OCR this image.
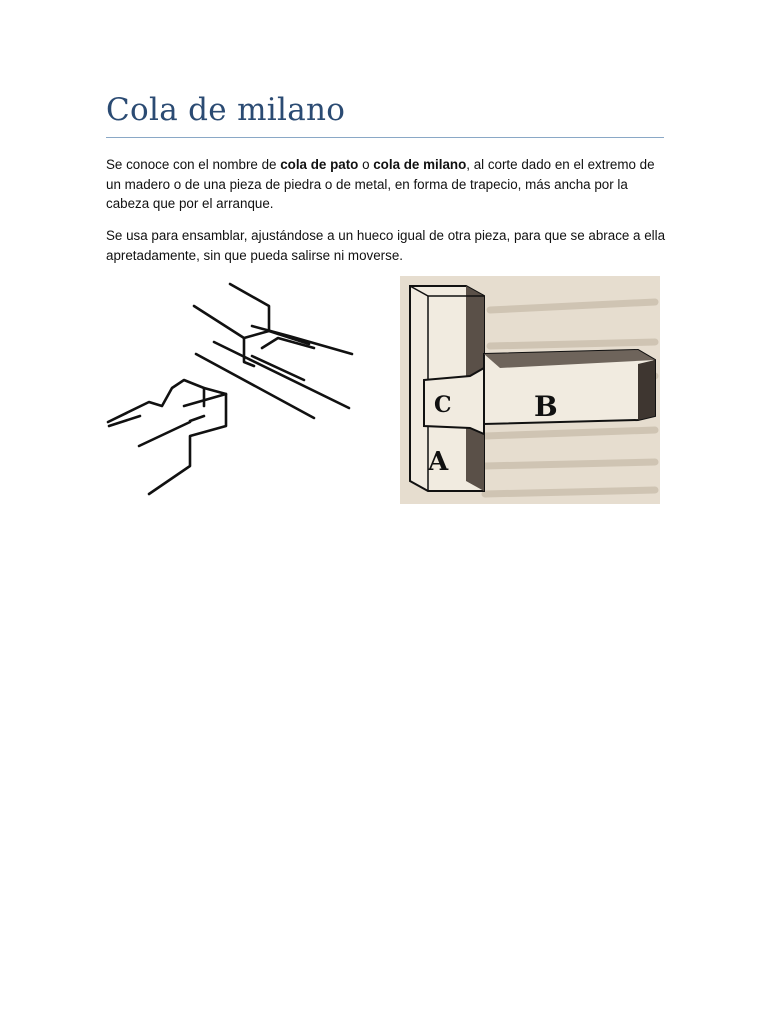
Cola de milano

Se conoce con el nombre de cola de pato o cola de milano, al corte dado en el extremo de un madero o de una pieza de piedra o de metal, en forma de trapecio, más ancha por la cabeza que por el arranque.

Se usa para ensamblar, ajustándose a un hueco igual de otra pieza, para que se abrace a ella apretadamente, sin que pueda salirse ni moverse.

C	B
A
